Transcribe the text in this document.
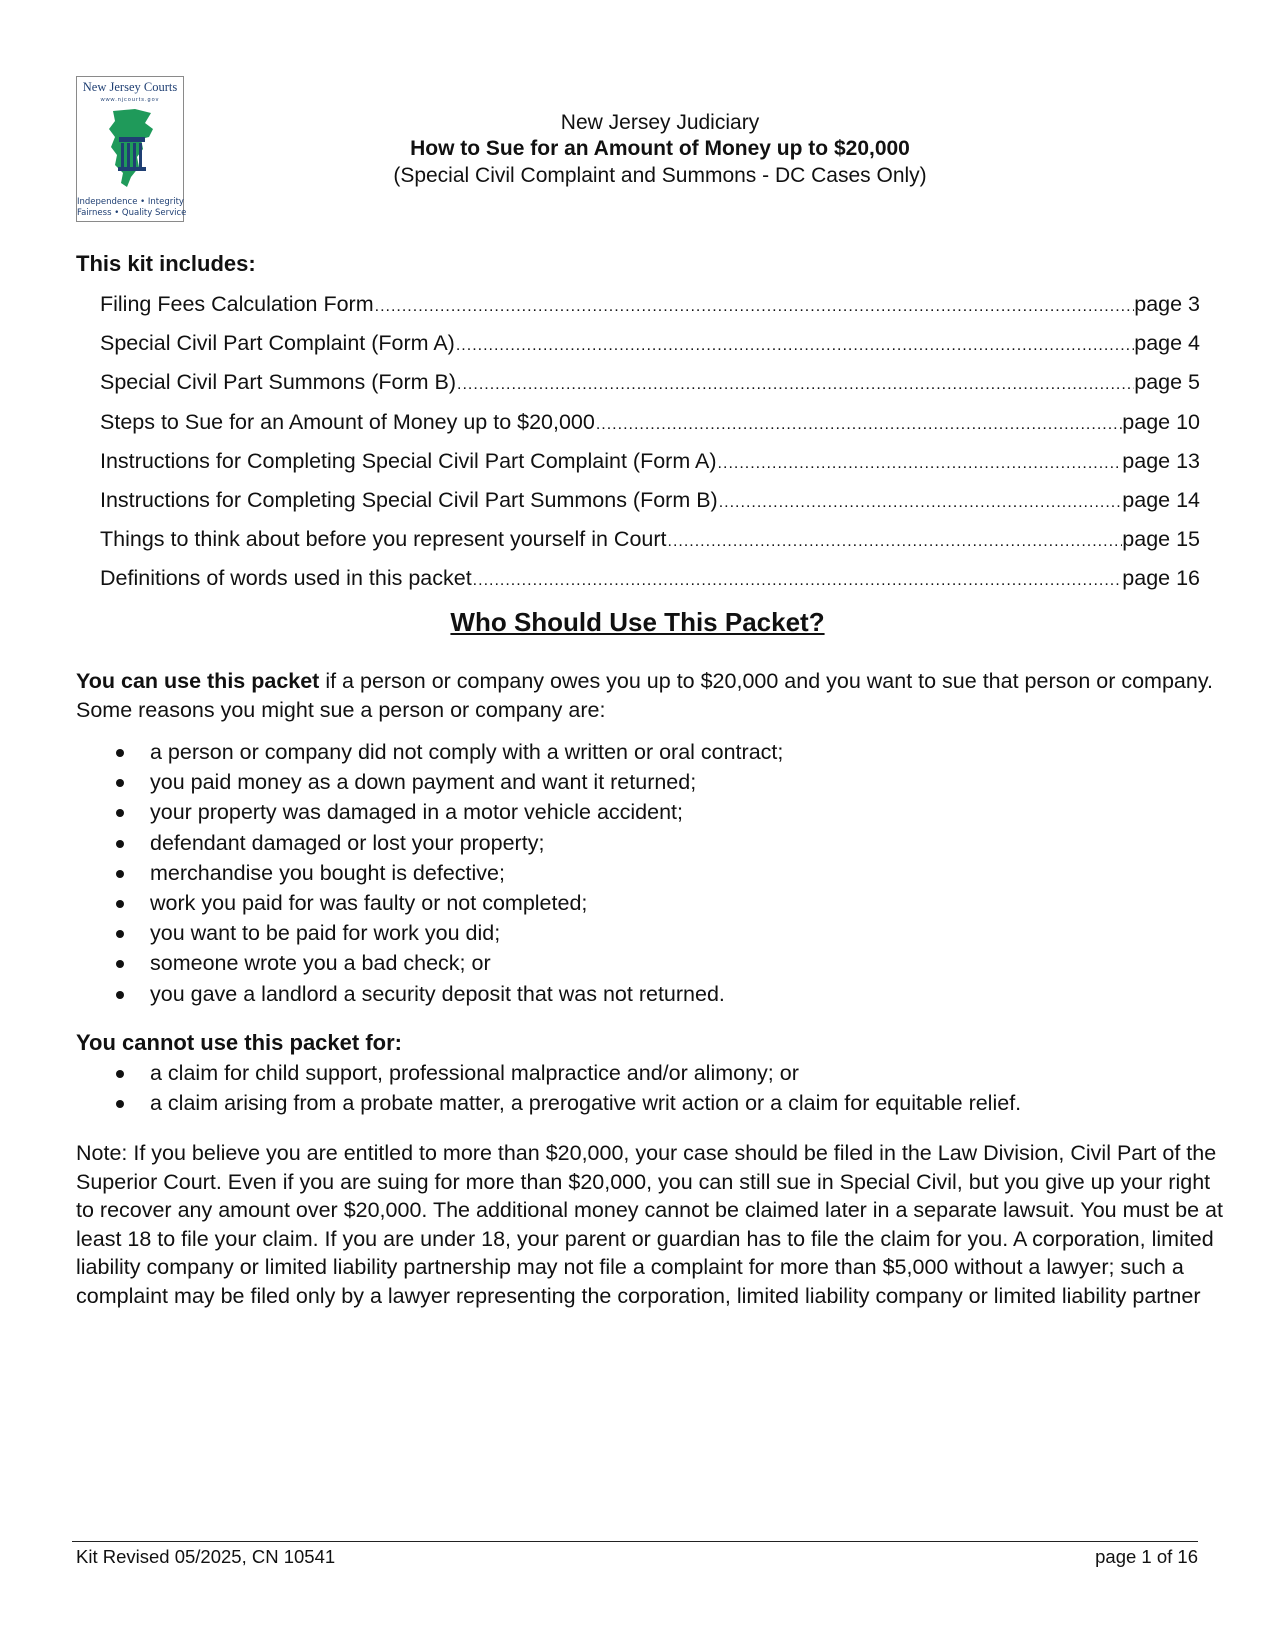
New Jersey Courts
www.njcourts.gov
Independence • Integrity
Fairness • Quality Service
New Jersey Judiciary
How to Sue for an Amount of Money up to $20,000
(Special Civil Complaint and Summons - DC Cases Only)
This kit includes:
Filing Fees Calculation Form .....	page 3
Special Civil Part Complaint (Form A) .....	page 4
Special Civil Part Summons (Form B) .....	page 5
Steps to Sue for an Amount of Money up to $20,000 .....	page 10
Instructions for Completing Special Civil Part Complaint (Form A) .....	page 13
Instructions for Completing Special Civil Part Summons (Form B) .....	page 14
Things to think about before you represent yourself in Court .....	page 15
Definitions of words used in this packet .....	page 16
Who Should Use This Packet?
You can use this packet if a person or company owes you up to $20,000 and you want to sue that person or company. Some reasons you might sue a person or company are:
a person or company did not comply with a written or oral contract;
you paid money as a down payment and want it returned;
your property was damaged in a motor vehicle accident;
defendant damaged or lost your property;
merchandise you bought is defective;
work you paid for was faulty or not completed;
you want to be paid for work you did;
someone wrote you a bad check; or
you gave a landlord a security deposit that was not returned.
You cannot use this packet for:
a claim for child support, professional malpractice and/or alimony; or
a claim arising from a probate matter, a prerogative writ action or a claim for equitable relief.
Note: If you believe you are entitled to more than $20,000, your case should be filed in the Law Division, Civil Part of the Superior Court. Even if you are suing for more than $20,000, you can still sue in Special Civil, but you give up your right to recover any amount over $20,000. The additional money cannot be claimed later in a separate lawsuit. You must be at least 18 to file your claim. If you are under 18, your parent or guardian has to file the claim for you. A corporation, limited liability company or limited liability partnership may not file a complaint for more than $5,000 without a lawyer; such a complaint may be filed only by a lawyer representing the corporation, limited liability company or limited liability partner
Kit Revised 05/2025, CN 10541	page 1 of 16
